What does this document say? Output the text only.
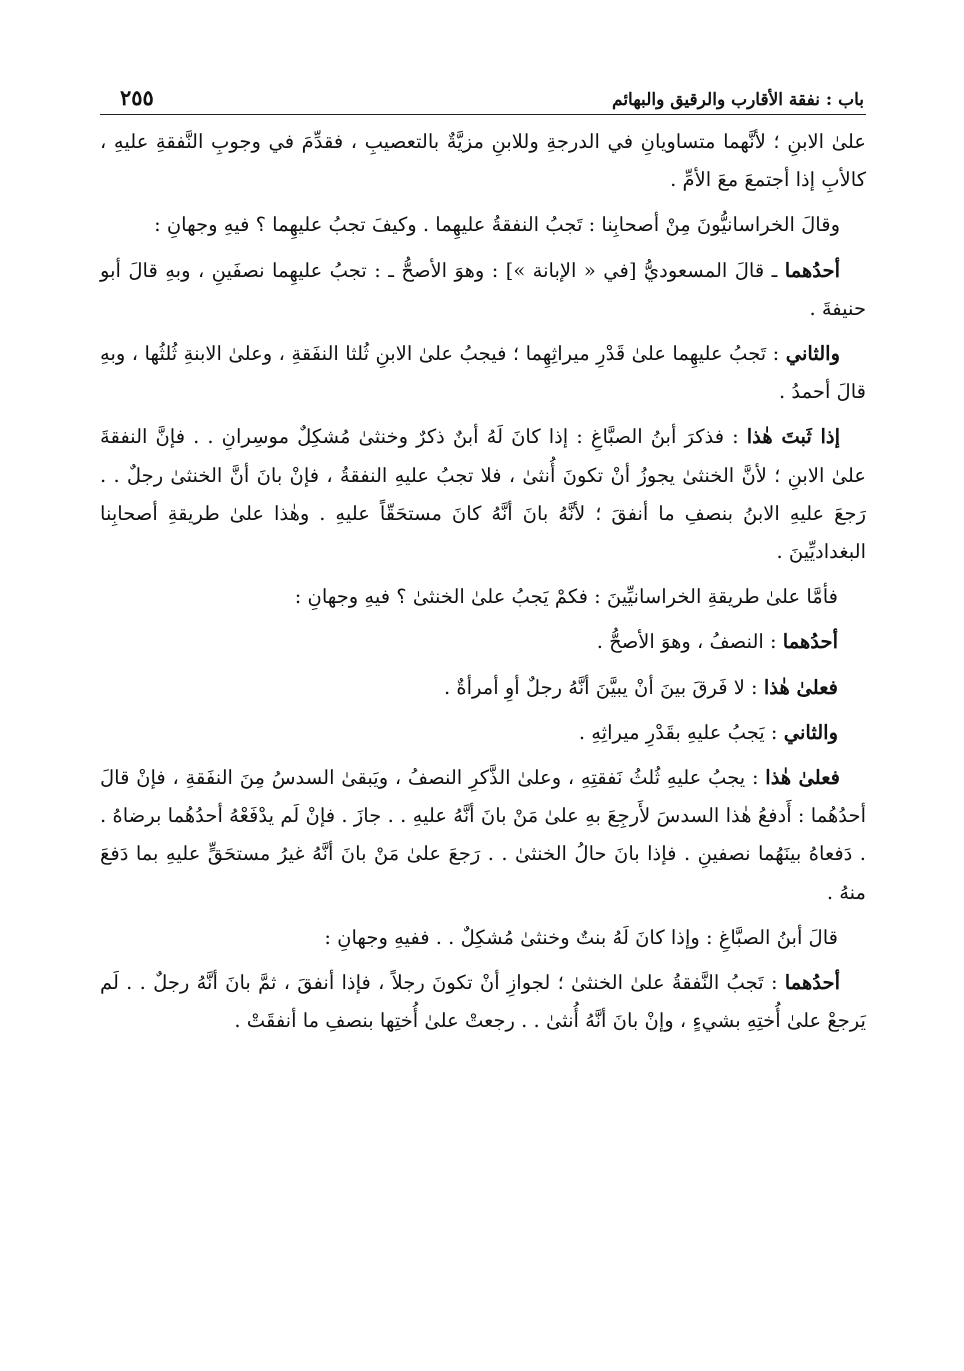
باب : نفقة الأقارب والرقيق والبهائم
٢٥٥

علىٰ الابنِ ؛ لأنَّهما متساويانِ في الدرجةِ وللابنِ مزيَّةٌ بالتعصيبِ ، فقدِّمَ في وجوبِ النَّفقةِ عليهِ ، كالأبِ إذا أجتمعَ معَ الأمِّ .

وقالَ الخراسانيُّونَ مِنْ أصحابِنا : تَجبُ النفقةُ عليهِما . وكيفَ تجبُ عليهِما ؟ فيهِ وجهانِ :

أحدُهما ـ قالَ المسعوديُّ [في « الإبانة »] : وهوَ الأصحُّ ـ : تجبُ عليهِما نصفَينِ ، وبهِ قالَ أبو حنيفةَ .

والثاني : تَجبُ عليهِما علىٰ قَدْرِ ميراثِهِما ؛ فيجبُ علىٰ الابنِ ثُلثا النفَقةِ ، وعلىٰ الابنةِ ثُلثُها ، وبهِ قالَ أحمدُ .

إذا ثَبتَ هٰذا : فذكرَ أبنُ الصبَّاغِ : إذا كانَ لَهُ أبنٌ ذكرٌ وخنثىٰ مُشكِلٌ موسِرانِ . . فإنَّ النفقةَ علىٰ الابنِ ؛ لأنَّ الخنثىٰ يجوزُ أنْ تكونَ أُنثىٰ ، فلا تجبُ عليهِ النفقةُ ، فإنْ بانَ أنَّ الخنثىٰ رجلٌ . . رَجعَ عليهِ الابنُ بنصفِ ما أنفقَ ؛ لأنَّهُ بانَ أنَّهُ كانَ مستحَقّاً عليهِ . وهٰذا علىٰ طريقةِ أصحابِنا البغداديِّينَ .

فأمَّا علىٰ طريقةِ الخراسانيِّينَ : فكمْ يَجبُ علىٰ الخنثىٰ ؟ فيهِ وجهانِ :

أحدُهما : النصفُ ، وهوَ الأصحُّ .

فعلىٰ هٰذا : لا فَرقَ بينَ أنْ يبيَّنَ أنَّهُ رجلٌ أوِ أمرأةٌ .

والثاني : يَجبُ عليهِ بقَدْرِ ميراثِهِ .

فعلىٰ هٰذا : يجبُ عليهِ ثُلثُ نَفقتِهِ ، وعلىٰ الذَّكرِ النصفُ ، ويَبقىٰ السدسُ مِنَ النفَقةِ ، فإنْ قالَ أحدُهُما : أَدفعُ هٰذا السدسَ لأَرجِعَ بهِ علىٰ مَنْ بانَ أنَّهُ عليهِ . . جازَ . فإنْ لَم يدْفَعْهُ أحدُهُما برضاهُ . . دَفعاهُ بينَهُما نصفينِ . فإذا بانَ حالُ الخنثىٰ . . رَجعَ علىٰ مَنْ بانَ أنَّهُ غيرُ مستحَقٍّ عليهِ بما دَفعَ منهُ .

قالَ أبنُ الصبَّاغِ : وإذا كانَ لَهُ بنتٌ وخنثىٰ مُشكِلٌ . . ففيهِ وجهانِ :

أحدُهما : تَجبُ النَّفقةُ علىٰ الخنثىٰ ؛ لجوازِ أنْ تكونَ رجلاً ، فإذا أنفقَ ، ثمَّ بانَ أنَّهُ رجلٌ . . لَم يَرجعْ علىٰ أُختِهِ بشيءٍ ، وإنْ بانَ أنَّهُ أُنثىٰ . . رجعتْ علىٰ أُختِها بنصفِ ما أنفقَتْ .
